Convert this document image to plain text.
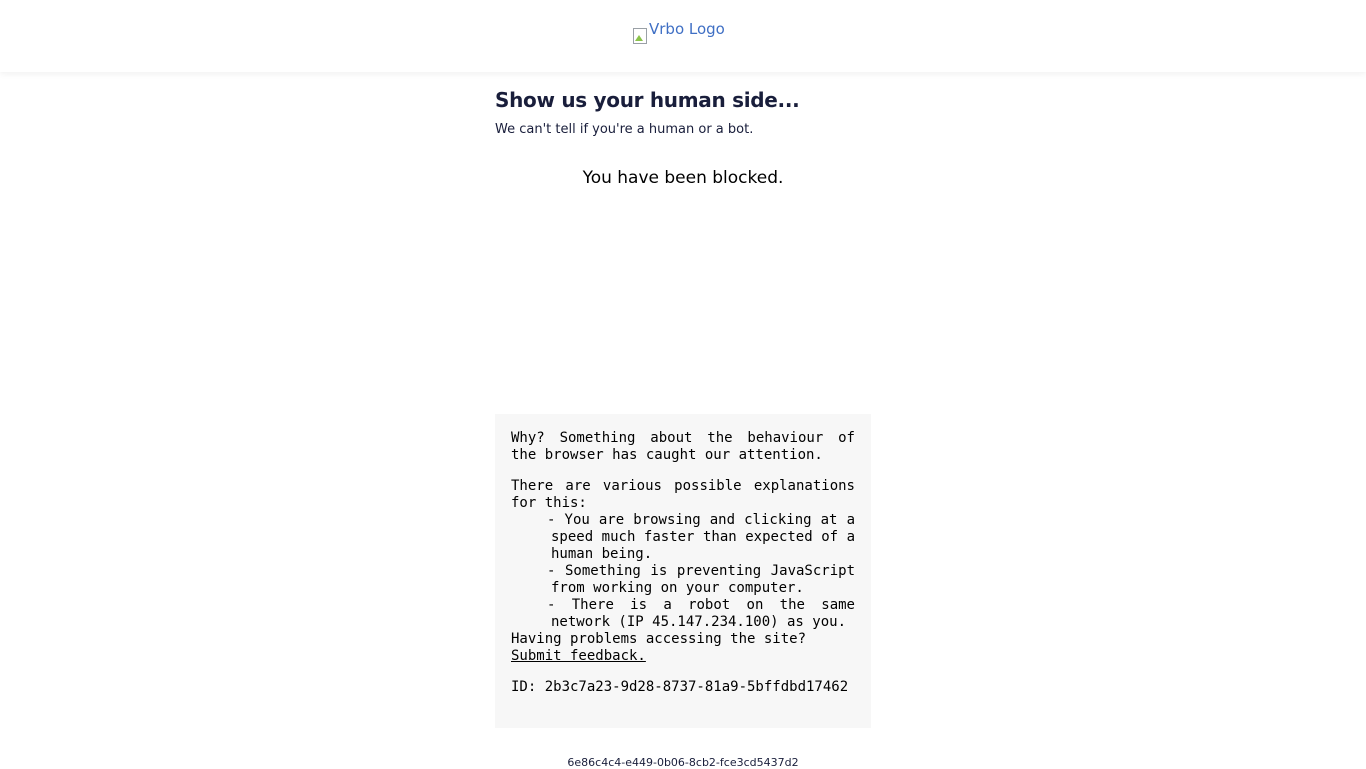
Vrbo Logo
Show us your human side...
We can't tell if you're a human or a bot.
You have been blocked.

Why? Something about the behaviour of the browser has caught our attention.

There are various possible explanations for this:

- You are browsing and clicking at a speed much faster than expected of a human being.
- Something is preventing JavaScript from working on your computer.
- There is a robot on the same network (IP 45.147.234.100) as you.

Having problems accessing the site?

Submit feedback.

ID: 2b3c7a23-9d28-8737-81a9-5bffdbd17462

6e86c4c4-e449-0b06-8cb2-fce3cd5437d2
